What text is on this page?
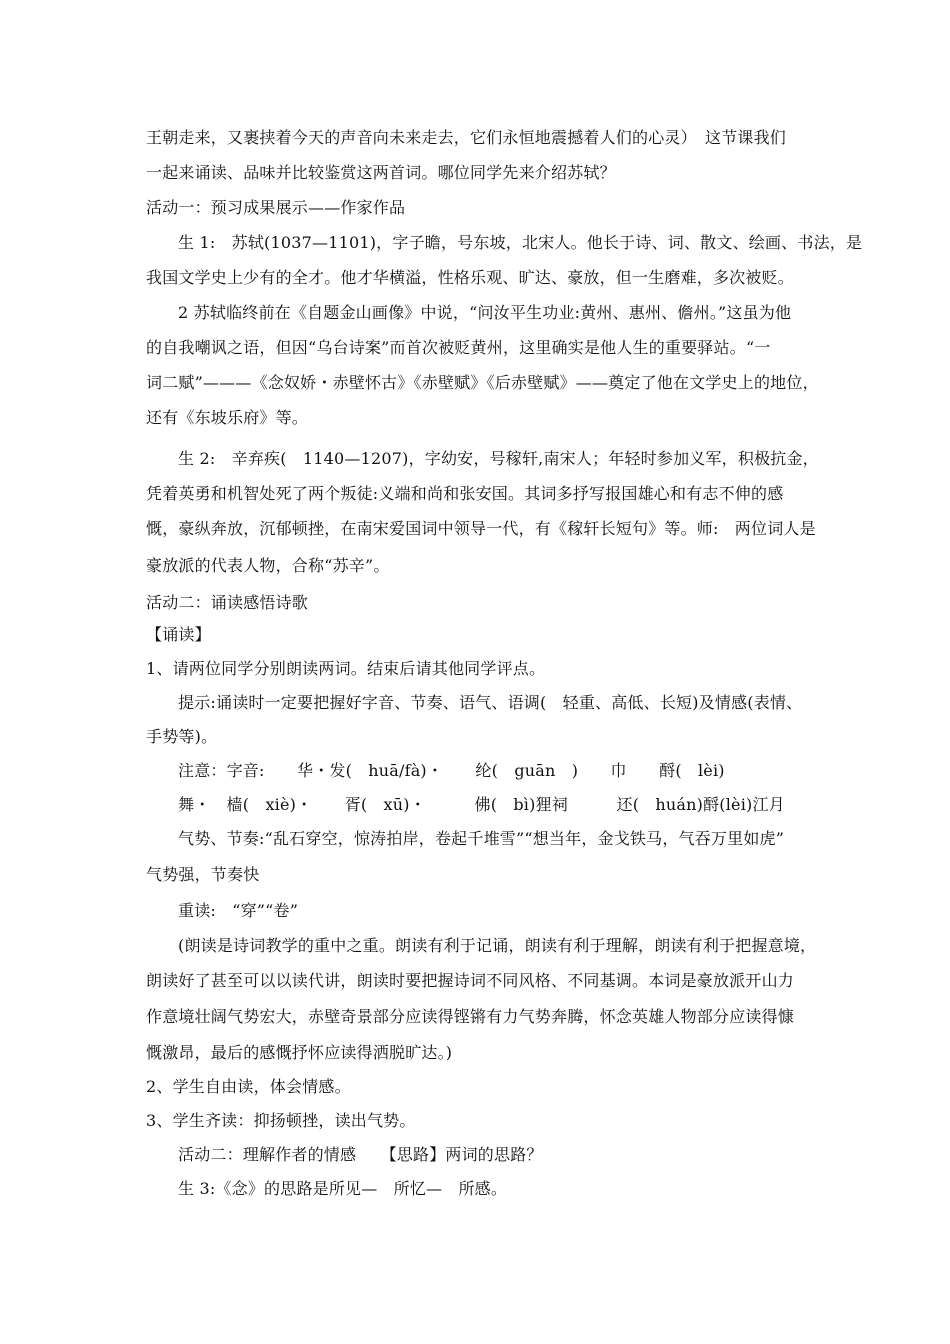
王朝走来，又裹挟着今天的声音向未来走去，它们永恒地震撼着人们的心灵）　这节课我们
一起来诵读、品味并比较鉴赏这两首词。哪位同学先来介绍苏轼？
活动一：预习成果展示——作家作品
生 1:　苏轼(1037—1101)，字子瞻，号东坡，北宋人。他长于诗、词、散文、绘画、书法，是
我国文学史上少有的全才。他才华横溢，性格乐观、旷达、豪放，但一生磨难，多次被贬。
2 苏轼临终前在《自题金山画像》中说，“问汝平生功业:黄州、惠州、儋州。”这虽为他
的自我嘲讽之语，但因“乌台诗案”而首次被贬黄州，这里确实是他人生的重要驿站。“一
词二赋”———《念奴娇・赤壁怀古》《赤壁赋》《后赤壁赋》——奠定了他在文学史上的地位，
还有《东坡乐府》等。
生 2:　辛弃疾(　1140—1207)，字幼安，号稼轩,南宋人；年轻时参加义军，积极抗金，
凭着英勇和机智处死了两个叛徒:义端和尚和张安国。其词多抒写报国雄心和有志不伸的感
慨，豪纵奔放，沉郁顿挫，在南宋爱国词中领导一代，有《稼轩长短句》等。师:　两位词人是
豪放派的代表人物，合称“苏辛”。
活动二：诵读感悟诗歌
【诵读】
1、请两位同学分别朗读两词。结束后请其他同学评点。
提示:诵读时一定要把握好字音、节奏、语气、语调(　轻重、高低、长短)及情感(表情、
手势等)。
注意：字音:　　华・发(　huā/fà)・　　纶(　guān　)　　巾　　酹(　lèi)
舞・　樯(　xiè)・　　胥(　xū)・　　　佛(　bì)狸祠　　　还(　huán)酹(lèi)江月
气势、节奏:“乱石穿空，惊涛拍岸，卷起千堆雪”“想当年，金戈铁马，气吞万里如虎”
气势强，节奏快
重读:　“穿”“卷”
(朗读是诗词教学的重中之重。朗读有利于记诵，朗读有利于理解，朗读有利于把握意境，
朗读好了甚至可以以读代讲，朗读时要把握诗词不同风格、不同基调。本词是豪放派开山力
作意境壮阔气势宏大，赤壁奇景部分应读得铿锵有力气势奔腾，怀念英雄人物部分应读得慷
慨激昂，最后的感慨抒怀应读得洒脱旷达。)
2、学生自由读，体会情感。
3、学生齐读：抑扬顿挫，读出气势。
活动二：理解作者的情感　　【思路】两词的思路？
生 3:《念》的思路是所见—　所忆—　所感。
